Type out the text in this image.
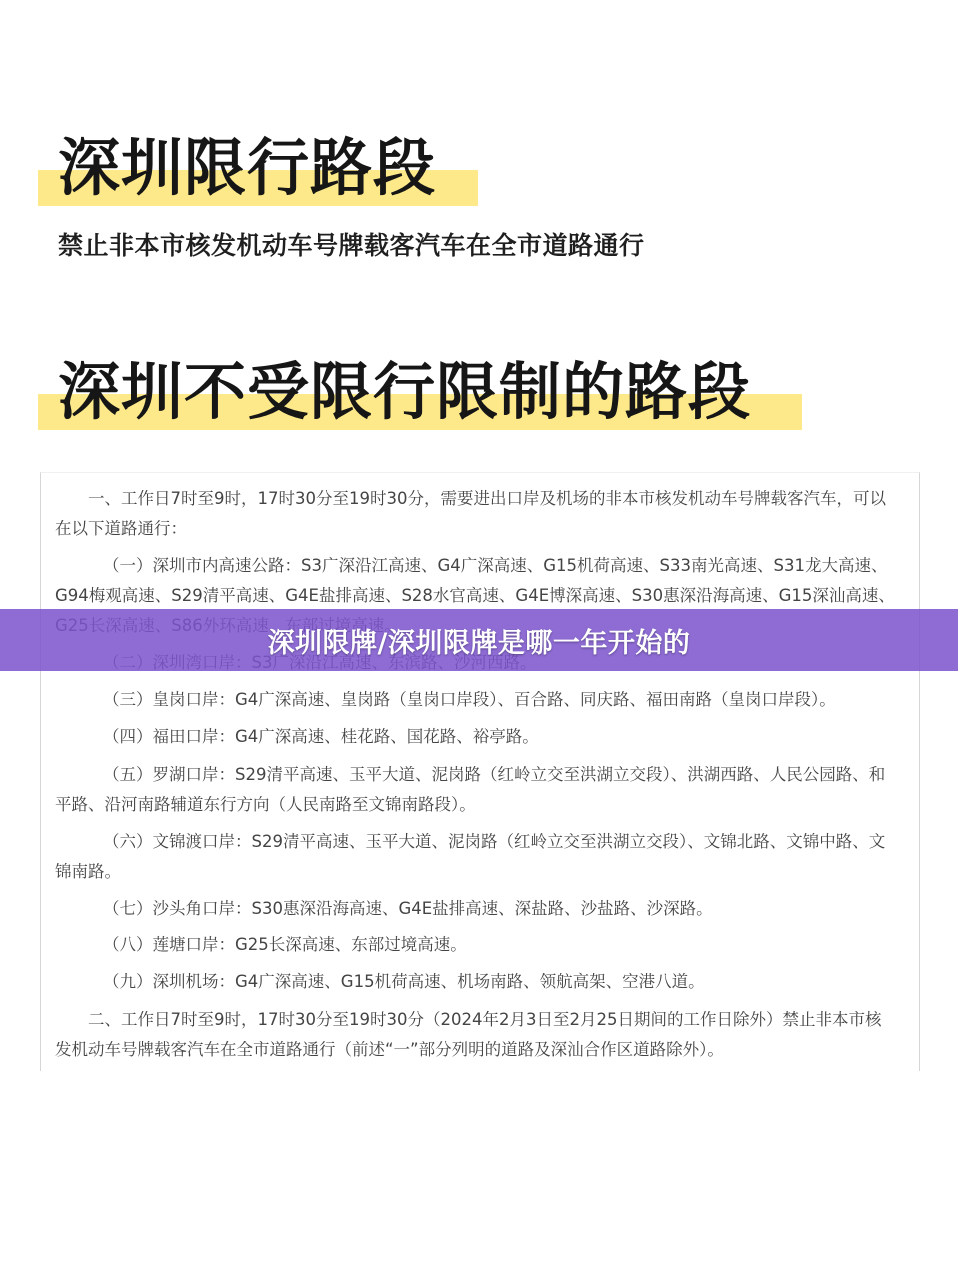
深圳限行路段
禁止非本市核发机动车号牌载客汽车在全市道路通行
深圳不受限行限制的路段

一、工作日7时至9时，17时30分至19时30分，需要进出口岸及机场的非本市核发机动车号牌载客汽车，可以在以下道路通行：

（一）深圳市内高速公路：S3广深沿江高速、G4广深高速、G15机荷高速、S33南光高速、S31龙大高速、G94梅观高速、S29清平高速、G4E盐排高速、S28水官高速、G4E博深高速、S30惠深沿海高速、G15深汕高速、

（三）皇岗口岸：G4广深高速、皇岗路（皇岗口岸段）、百合路、同庆路、福田南路（皇岗口岸段）。

（四）福田口岸：G4广深高速、桂花路、国花路、裕亭路。

（五）罗湖口岸：S29清平高速、玉平大道、泥岗路（红岭立交至洪湖立交段）、洪湖西路、人民公园路、和平路、沿河南路辅道东行方向（人民南路至文锦南路段）。

（六）文锦渡口岸：S29清平高速、玉平大道、泥岗路（红岭立交至洪湖立交段）、文锦北路、文锦中路、文锦南路。

（七）沙头角口岸：S30惠深沿海高速、G4E盐排高速、深盐路、沙盐路、沙深路。

（八）莲塘口岸：G25长深高速、东部过境高速。

（九）深圳机场：G4广深高速、G15机荷高速、机场南路、领航高架、空港八道。

二、工作日7时至9时，17时30分至19时30分（2024年2月3日至2月25日期间的工作日除外）禁止非本市核发机动车号牌载客汽车在全市道路通行（前述“一”部分列明的道路及深汕合作区道路除外）。

深圳限牌/深圳限牌是哪一年开始的
